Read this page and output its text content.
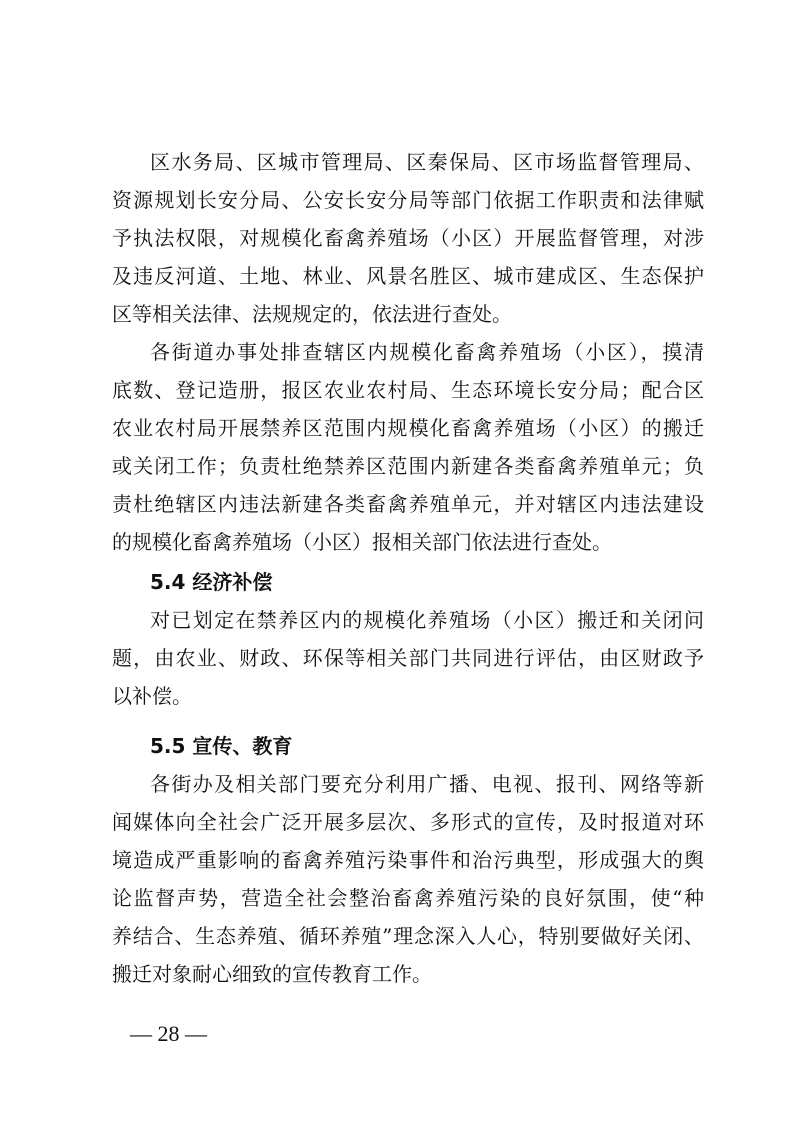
区水务局、区城市管理局、区秦保局、区市场监督管理局、
资源规划长安分局、公安长安分局等部门依据工作职责和法律赋
予执法权限，对规模化畜禽养殖场（小区）开展监督管理，对涉
及违反河道、土地、林业、风景名胜区、城市建成区、生态保护
区等相关法律、法规规定的，依法进行查处。
各街道办事处排查辖区内规模化畜禽养殖场（小区），摸清
底数、登记造册，报区农业农村局、生态环境长安分局；配合区
农业农村局开展禁养区范围内规模化畜禽养殖场（小区）的搬迁
或关闭工作；负责杜绝禁养区范围内新建各类畜禽养殖单元；负
责杜绝辖区内违法新建各类畜禽养殖单元，并对辖区内违法建设
的规模化畜禽养殖场（小区）报相关部门依法进行查处。
5.4 经济补偿
对已划定在禁养区内的规模化养殖场（小区）搬迁和关闭问
题，由农业、财政、环保等相关部门共同进行评估，由区财政予
以补偿。
5.5 宣传、教育
各街办及相关部门要充分利用广播、电视、报刊、网络等新
闻媒体向全社会广泛开展多层次、多形式的宣传，及时报道对环
境造成严重影响的畜禽养殖污染事件和治污典型，形成强大的舆
论监督声势，营造全社会整治畜禽养殖污染的良好氛围，使“种
养结合、生态养殖、循环养殖”理念深入人心，特别要做好关闭、
搬迁对象耐心细致的宣传教育工作。
— 28 —
